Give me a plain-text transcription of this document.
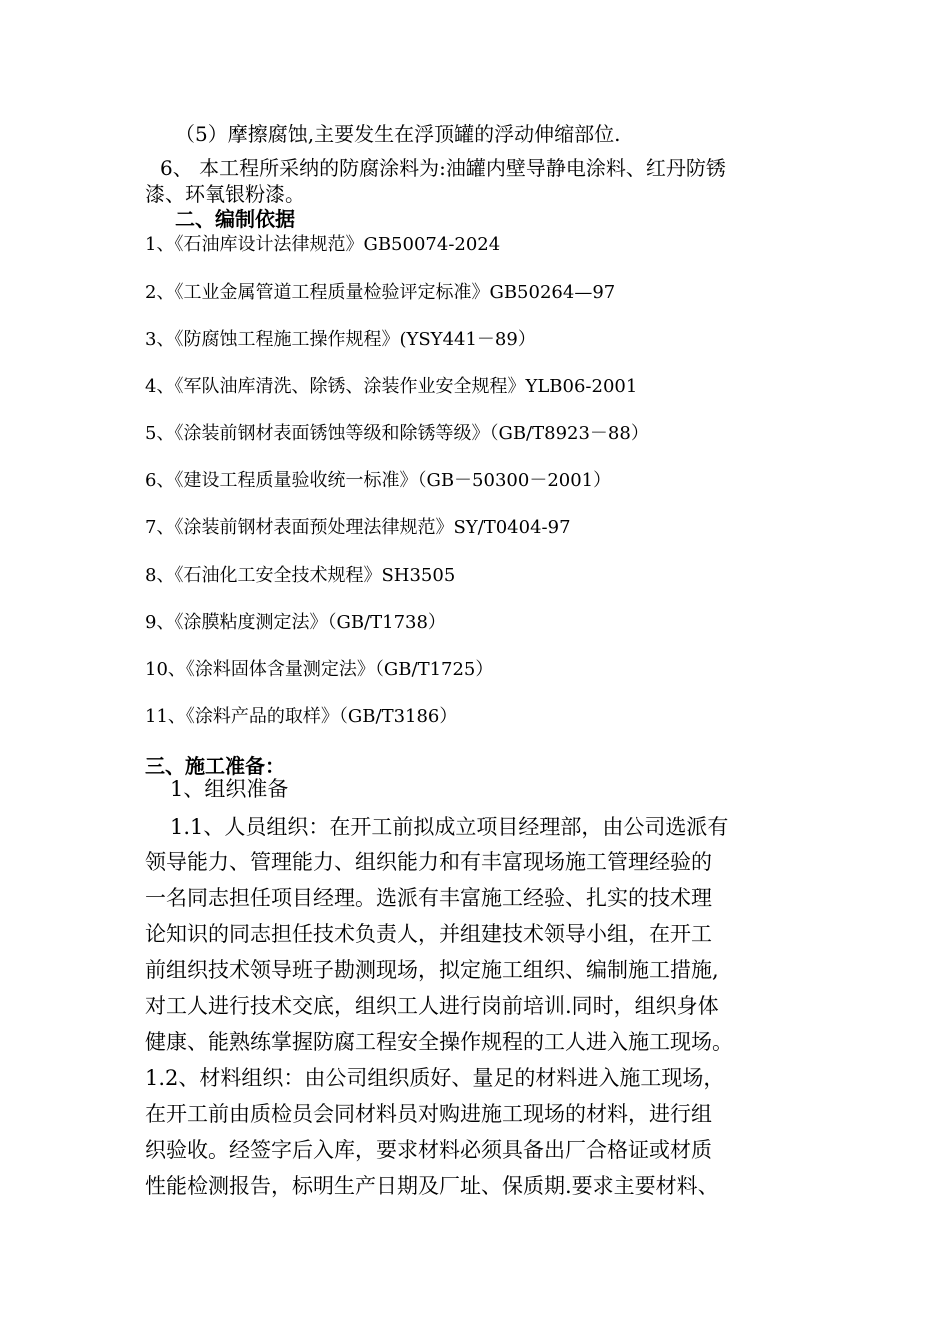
（5）摩擦腐蚀,主要发生在浮顶罐的浮动伸缩部位.
6、 本工程所采纳的防腐涂料为:油罐内壁导静电涂料、红丹防锈
漆、环氧银粉漆。
二、编制依据
1、《石油库设计法律规范》GB50074-2024
2、《工业金属管道工程质量检验评定标准》GB50264—97
3、《防腐蚀工程施工操作规程》(YSY441－89）
4、《军队油库清洗、除锈、涂装作业安全规程》YLB06-2001
5、《涂装前钢材表面锈蚀等级和除锈等级》（GB/T8923－88）
6、《建设工程质量验收统一标准》（GB－50300－2001）
7、《涂装前钢材表面预处理法律规范》SY/T0404-97
8、《石油化工安全技术规程》SH3505
9、《涂膜粘度测定法》（GB/T1738）
10、《涂料固体含量测定法》（GB/T1725）
11、《涂料产品的取样》（GB/T3186）
三、施工准备：
1、组织准备
1.1、人员组织：在开工前拟成立项目经理部，由公司选派有
领导能力、管理能力、组织能力和有丰富现场施工管理经验的
一名同志担任项目经理。选派有丰富施工经验、扎实的技术理
论知识的同志担任技术负责人，并组建技术领导小组，在开工
前组织技术领导班子勘测现场，拟定施工组织、编制施工措施,
对工人进行技术交底，组织工人进行岗前培训.同时，组织身体
健康、能熟练掌握防腐工程安全操作规程的工人进入施工现场。
1.2、材料组织：由公司组织质好、量足的材料进入施工现场，
在开工前由质检员会同材料员对购进施工现场的材料，进行组
织验收。经签字后入库，要求材料必须具备出厂合格证或材质
性能检测报告，标明生产日期及厂址、保质期.要求主要材料、
